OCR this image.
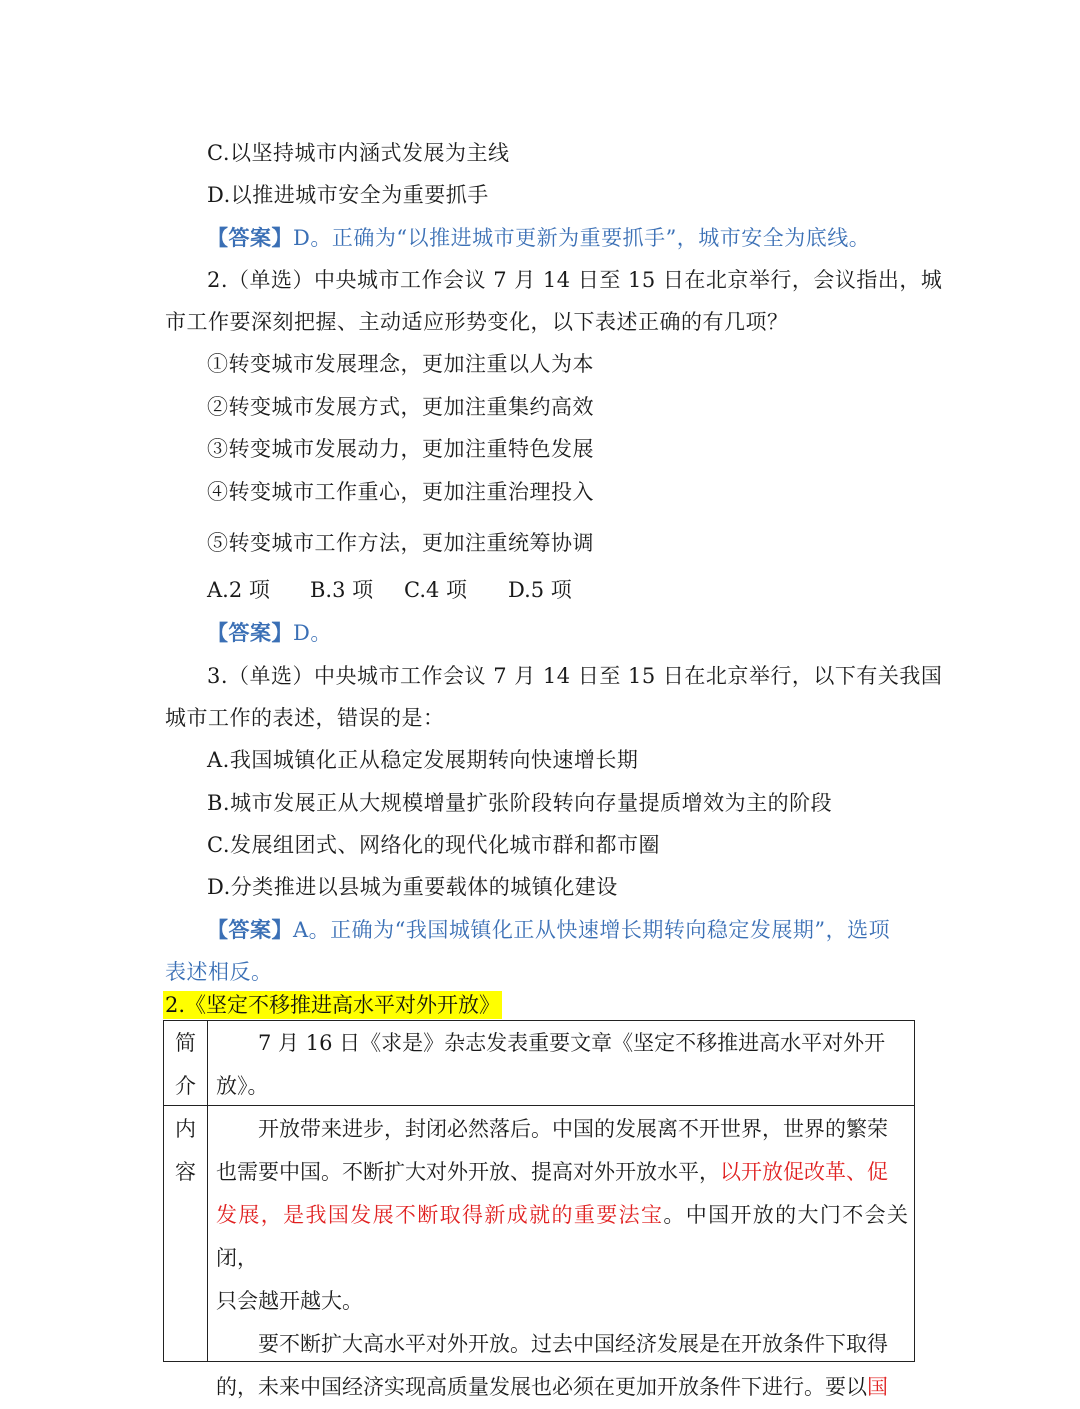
C.以坚持城市内涵式发展为主线
D.以推进城市安全为重要抓手
【答案】D。正确为“以推进城市更新为重要抓手”，城市安全为底线。
2.（单选）中央城市工作会议 7 月 14 日至 15 日在北京举行，会议指出，城
市工作要深刻把握、主动适应形势变化，以下表述正确的有几项？
①转变城市发展理念，更加注重以人为本
②转变城市发展方式，更加注重集约高效
③转变城市发展动力，更加注重特色发展
④转变城市工作重心，更加注重治理投入
⑤转变城市工作方法，更加注重统筹协调
A.2 项 B.3 项 C.4 项 D.5 项
【答案】D。
3.（单选）中央城市工作会议 7 月 14 日至 15 日在北京举行，以下有关我国
城市工作的表述，错误的是：
A.我国城镇化正从稳定发展期转向快速增长期
B.城市发展正从大规模增量扩张阶段转向存量提质增效为主的阶段
C.发展组团式、网络化的现代化城市群和都市圈
D.分类推进以县城为重要载体的城镇化建设
【答案】A。正确为“我国城镇化正从快速增长期转向稳定发展期”，选项
表述相反。
2.《坚定不移推进高水平对外开放》
简
介

7 月 16 日《求是》杂志发表重要文章《坚定不移推进高水平对外开

放》。

内
容

开放带来进步，封闭必然落后。中国的发展离不开世界，世界的繁荣

也需要中国。不断扩大对外开放、提高对外开放水平，以开放促改革、促

发展，是我国发展不断取得新成就的重要法宝。中国开放的大门不会关闭，

只会越开越大。

要不断扩大高水平对外开放。过去中国经济发展是在开放条件下取得

的，未来中国经济实现高质量发展也必须在更加开放条件下进行。要以国
